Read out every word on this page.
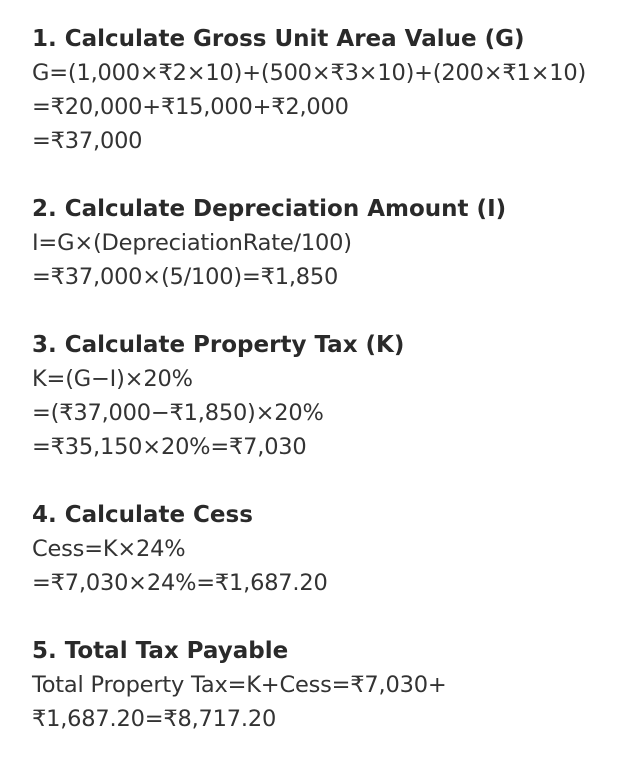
1. Calculate Gross Unit Area Value (G)
G=(1,000×₹2×10)+(500×₹3×10)+(200×₹1×10)
=₹20,000+₹15,000+₹2,000
=₹37,000
2. Calculate Depreciation Amount (I)
I=G×(DepreciationRate/100)
=₹37,000×(5/100)=₹1,850
3. Calculate Property Tax (K)
K=(G−I)×20%
=(₹37,000−₹1,850)×20%
=₹35,150×20%=₹7,030
4. Calculate Cess
Cess=K×24%
=₹7,030×24%=₹1,687.20
5. Total Tax Payable
Total Property Tax=K+Cess=₹7,030+
₹1,687.20=₹8,717.20
